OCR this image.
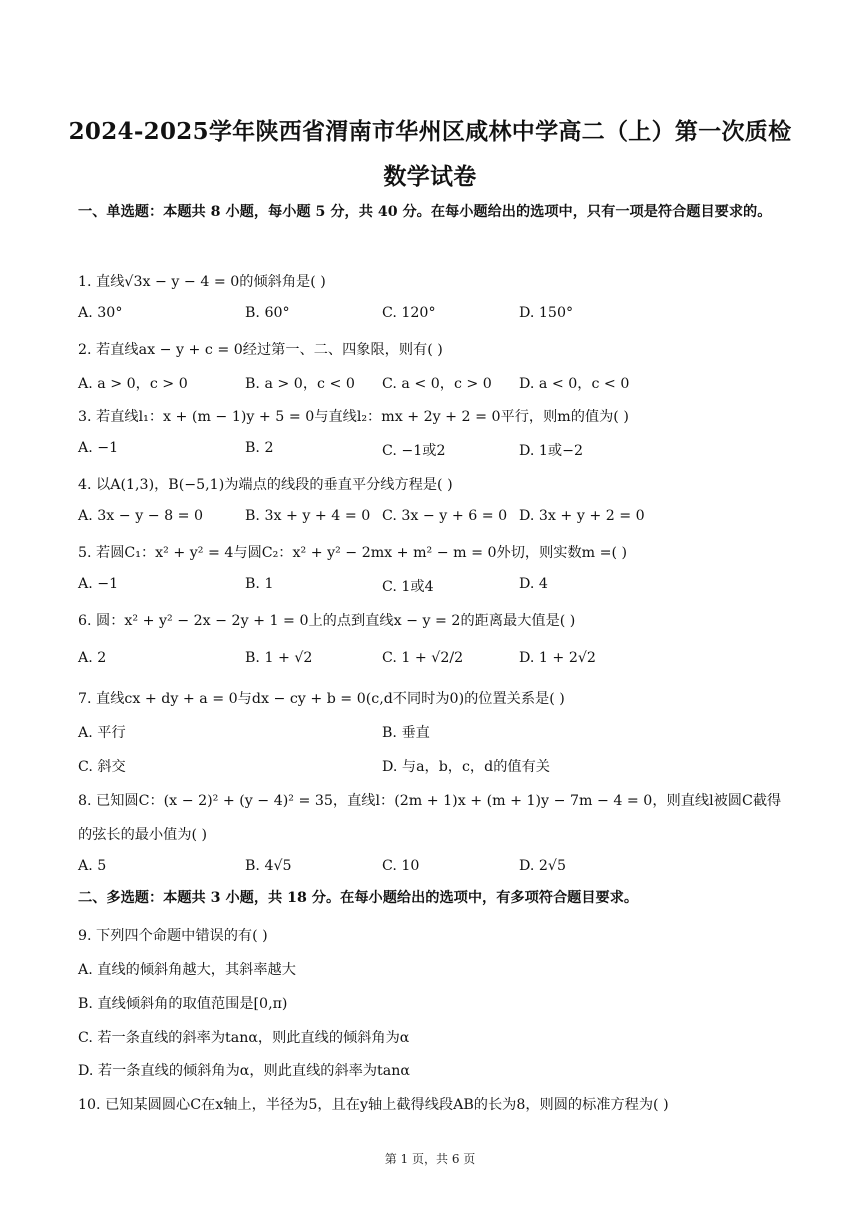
2024-2025学年陕西省渭南市华州区咸林中学高二（上）第一次质检
数学试卷
一、单选题：本题共 8 小题，每小题 5 分，共 40 分。在每小题给出的选项中，只有一项是符合题目要求的。
1. 直线√3x − y − 4 = 0的倾斜角是( )
A. 30°	B. 60°	C. 120°	D. 150°
2. 若直线ax − y + c = 0经过第一、二、四象限，则有( )
A. a > 0，c > 0	B. a > 0，c < 0 C. a < 0，c > 0 D. a < 0，c < 0
3. 若直线l₁：x + (m − 1)y + 5 = 0与直线l₂：mx + 2y + 2 = 0平行，则m的值为( )
A. −1	B. 2	C. −1或2	D. 1或−2
4. 以A(1,3)，B(−5,1)为端点的线段的垂直平分线方程是( )
A. 3x − y − 8 = 0	B. 3x + y + 4 = 0 C. 3x − y + 6 = 0 D. 3x + y + 2 = 0
5. 若圆C₁：x² + y² = 4与圆C₂：x² + y² − 2mx + m² − m = 0外切，则实数m =( )
A. −1	B. 1	C. 1或4	D. 4
6. 圆：x² + y² − 2x − 2y + 1 = 0上的点到直线x − y = 2的距离最大值是( )
A. 2	B. 1 + √2	C. 1 + √2/2	D. 1 + 2√2
7. 直线cx + dy + a = 0与dx − cy + b = 0(c,d不同时为0)的位置关系是( )
A. 平行	B. 垂直
C. 斜交	D. 与a，b，c，d的值有关
8. 已知圆C：(x − 2)² + (y − 4)² = 35，直线l：(2m + 1)x + (m + 1)y − 7m − 4 = 0，则直线l被圆C截得
的弦长的最小值为( )
A. 5	B. 4√5	C. 10	D. 2√5
二、多选题：本题共 3 小题，共 18 分。在每小题给出的选项中，有多项符合题目要求。
9. 下列四个命题中错误的有( )
A. 直线的倾斜角越大，其斜率越大
B. 直线倾斜角的取值范围是[0,π)
C. 若一条直线的斜率为tanα，则此直线的倾斜角为α
D. 若一条直线的倾斜角为α，则此直线的斜率为tanα
10. 已知某圆圆心C在x轴上，半径为5，且在y轴上截得线段AB的长为8，则圆的标准方程为( )
第 1 页，共 6 页
